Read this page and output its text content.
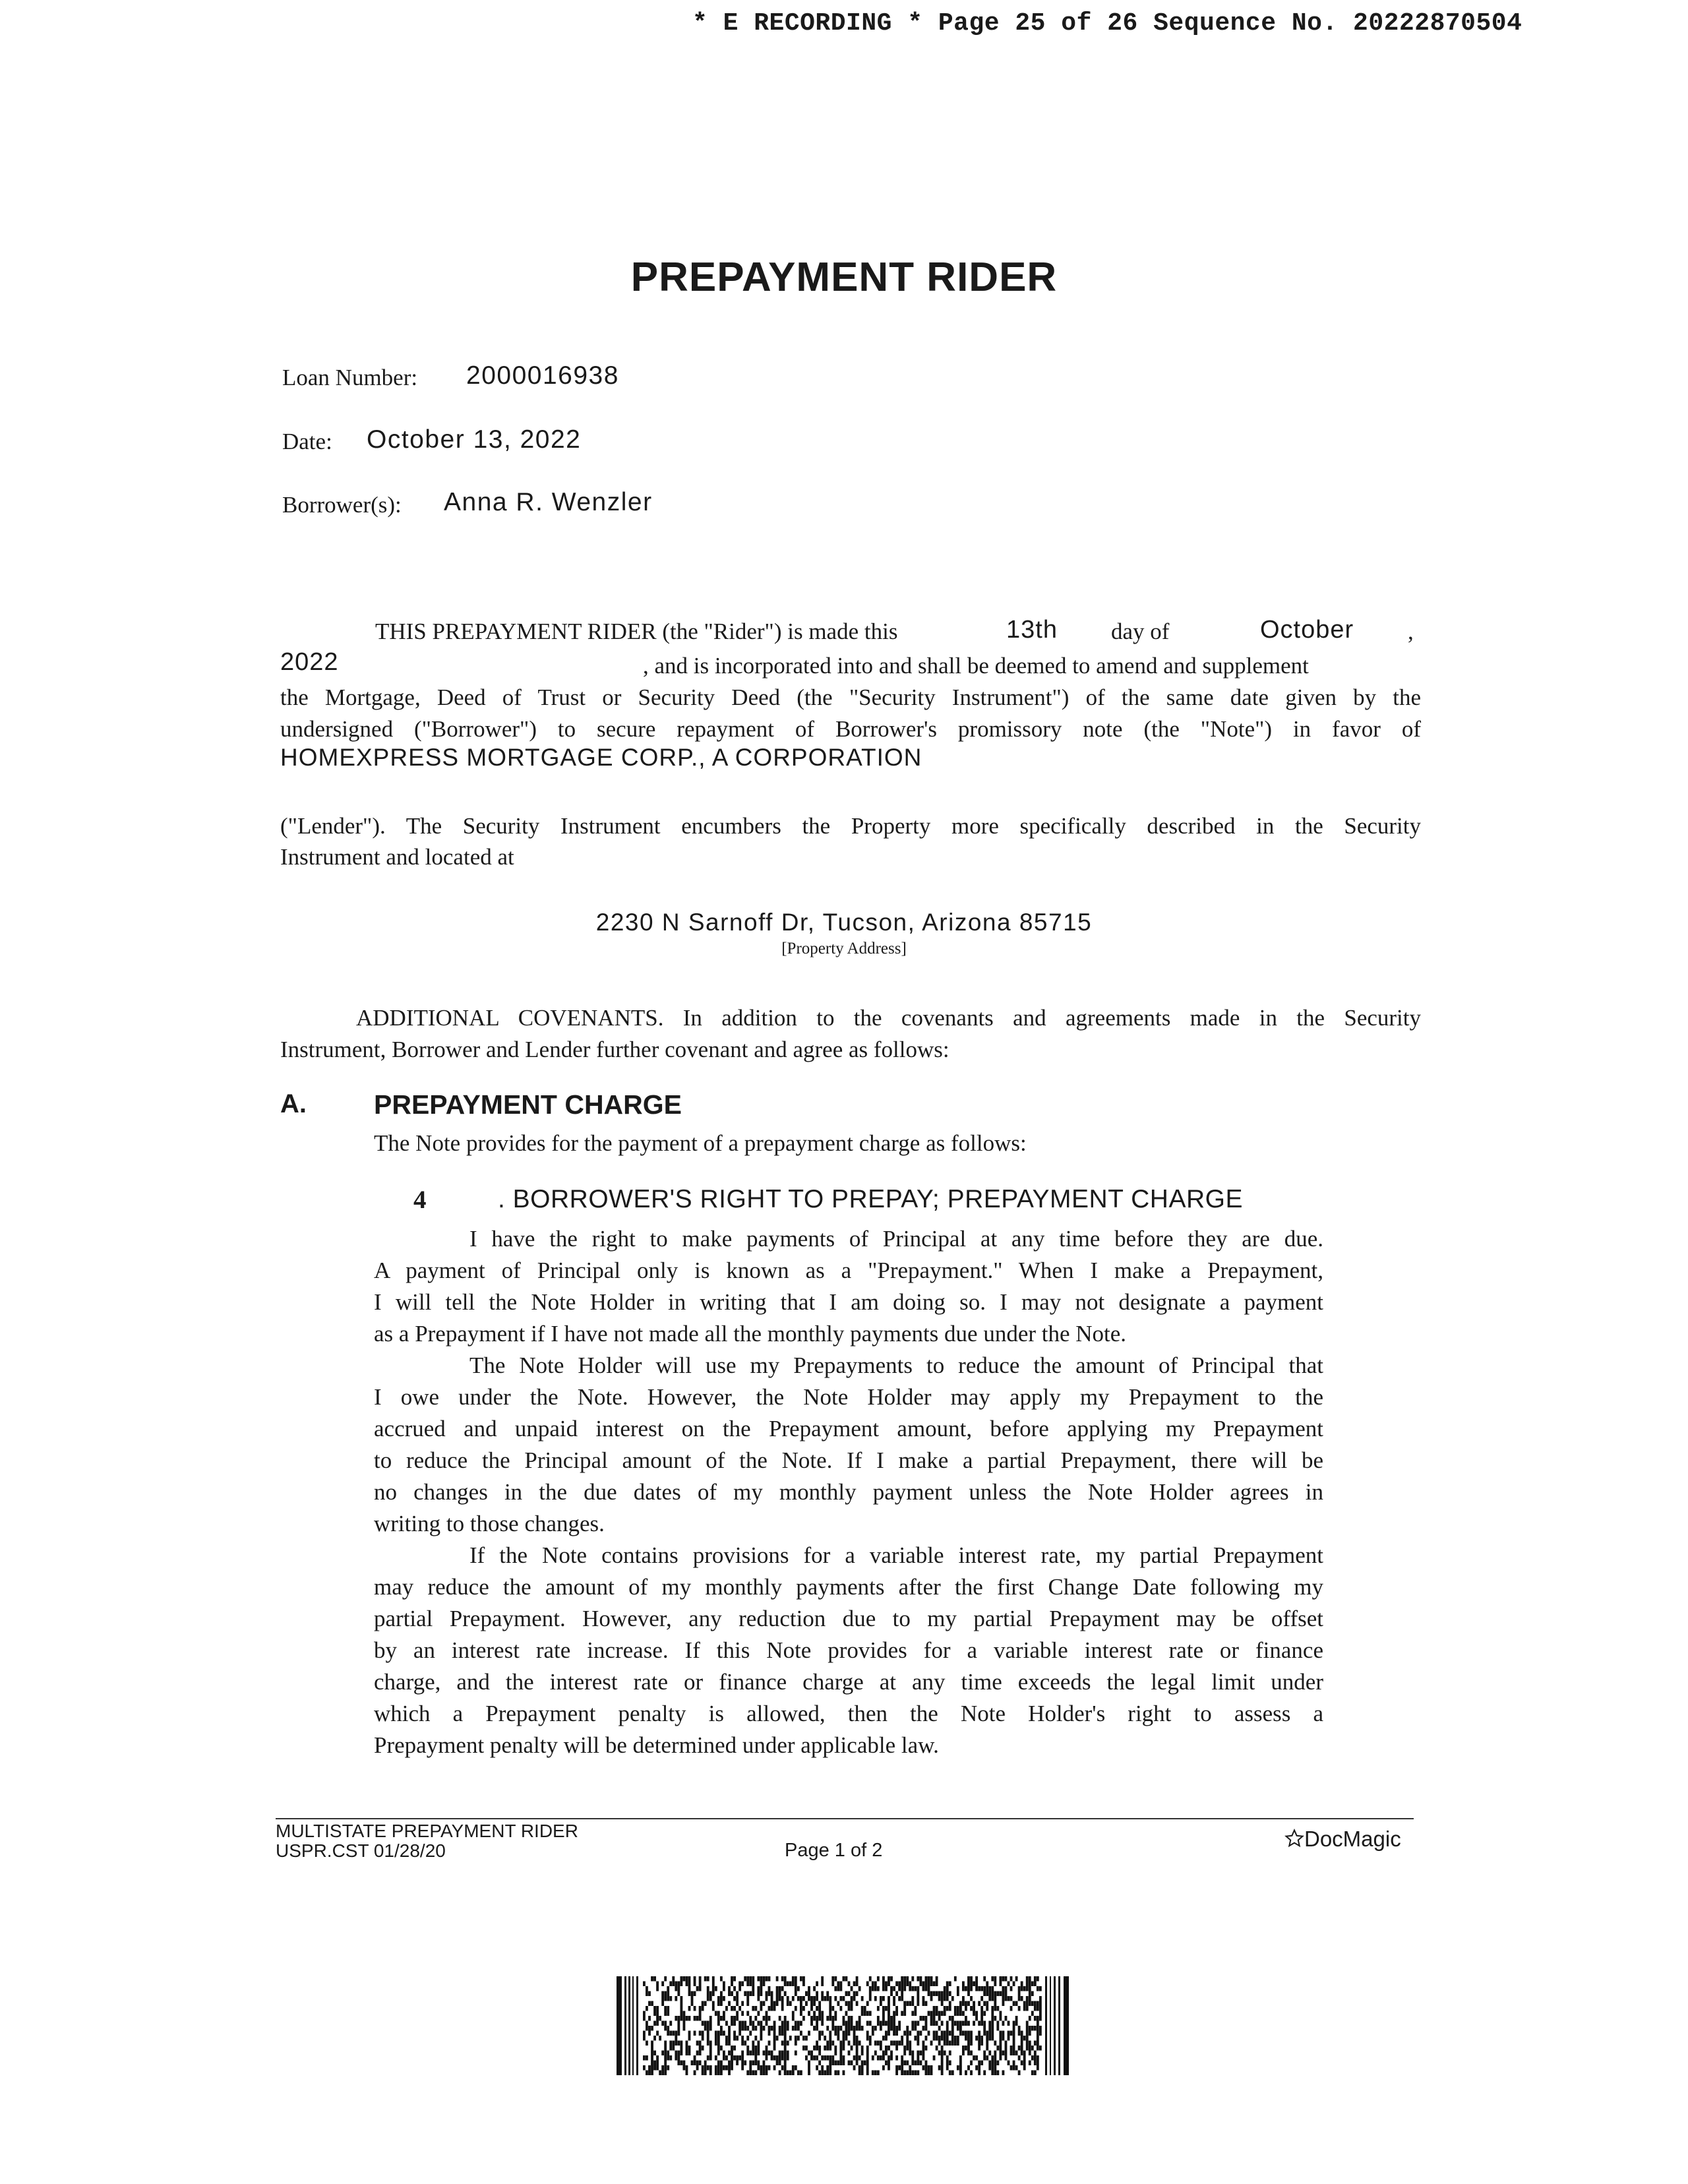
* E RECORDING * Page 25 of 26 Sequence No. 20222870504
PREPAYMENT RIDER
Loan Number: 2000016938
Date: October 13, 2022
Borrower(s): Anna R. Wenzler
THIS PREPAYMENT RIDER (the "Rider") is made this	13th day of	October ,
2022	, and is incorporated into and shall be deemed to amend and supplement
the Mortgage, Deed of Trust or Security Deed (the "Security Instrument") of the same date given by the
undersigned ("Borrower") to secure repayment of Borrower's promissory note (the "Note") in favor of
HOMEXPRESS MORTGAGE CORP., A CORPORATION
("Lender"). The Security Instrument encumbers the Property more specifically described in the Security
Instrument and located at
2230 N Sarnoff Dr, Tucson, Arizona 85715
[Property Address]
ADDITIONAL COVENANTS. In addition to the covenants and agreements made in the Security
Instrument, Borrower and Lender further covenant and agree as follows:
A. PREPAYMENT CHARGE
The Note provides for the payment of a prepayment charge as follows:
4	. BORROWER'S RIGHT TO PREPAY; PREPAYMENT CHARGE
I have the right to make payments of Principal at any time before they are due.
A payment of Principal only is known as a "Prepayment." When I make a Prepayment,
I will tell the Note Holder in writing that I am doing so. I may not designate a payment
as a Prepayment if I have not made all the monthly payments due under the Note.
The Note Holder will use my Prepayments to reduce the amount of Principal that
I owe under the Note. However, the Note Holder may apply my Prepayment to the
accrued and unpaid interest on the Prepayment amount, before applying my Prepayment
to reduce the Principal amount of the Note. If I make a partial Prepayment, there will be
no changes in the due dates of my monthly payment unless the Note Holder agrees in
writing to those changes.
If the Note contains provisions for a variable interest rate, my partial Prepayment
may reduce the amount of my monthly payments after the first Change Date following my
partial Prepayment. However, any reduction due to my partial Prepayment may be offset
by an interest rate increase. If this Note provides for a variable interest rate or finance
charge, and the interest rate or finance charge at any time exceeds the legal limit under
which a Prepayment penalty is allowed, then the Note Holder's right to assess a
Prepayment penalty will be determined under applicable law.
MULTISTATE PREPAYMENT RIDER
USPR.CST 01/28/20	Page 1 of 2	DocMagic
